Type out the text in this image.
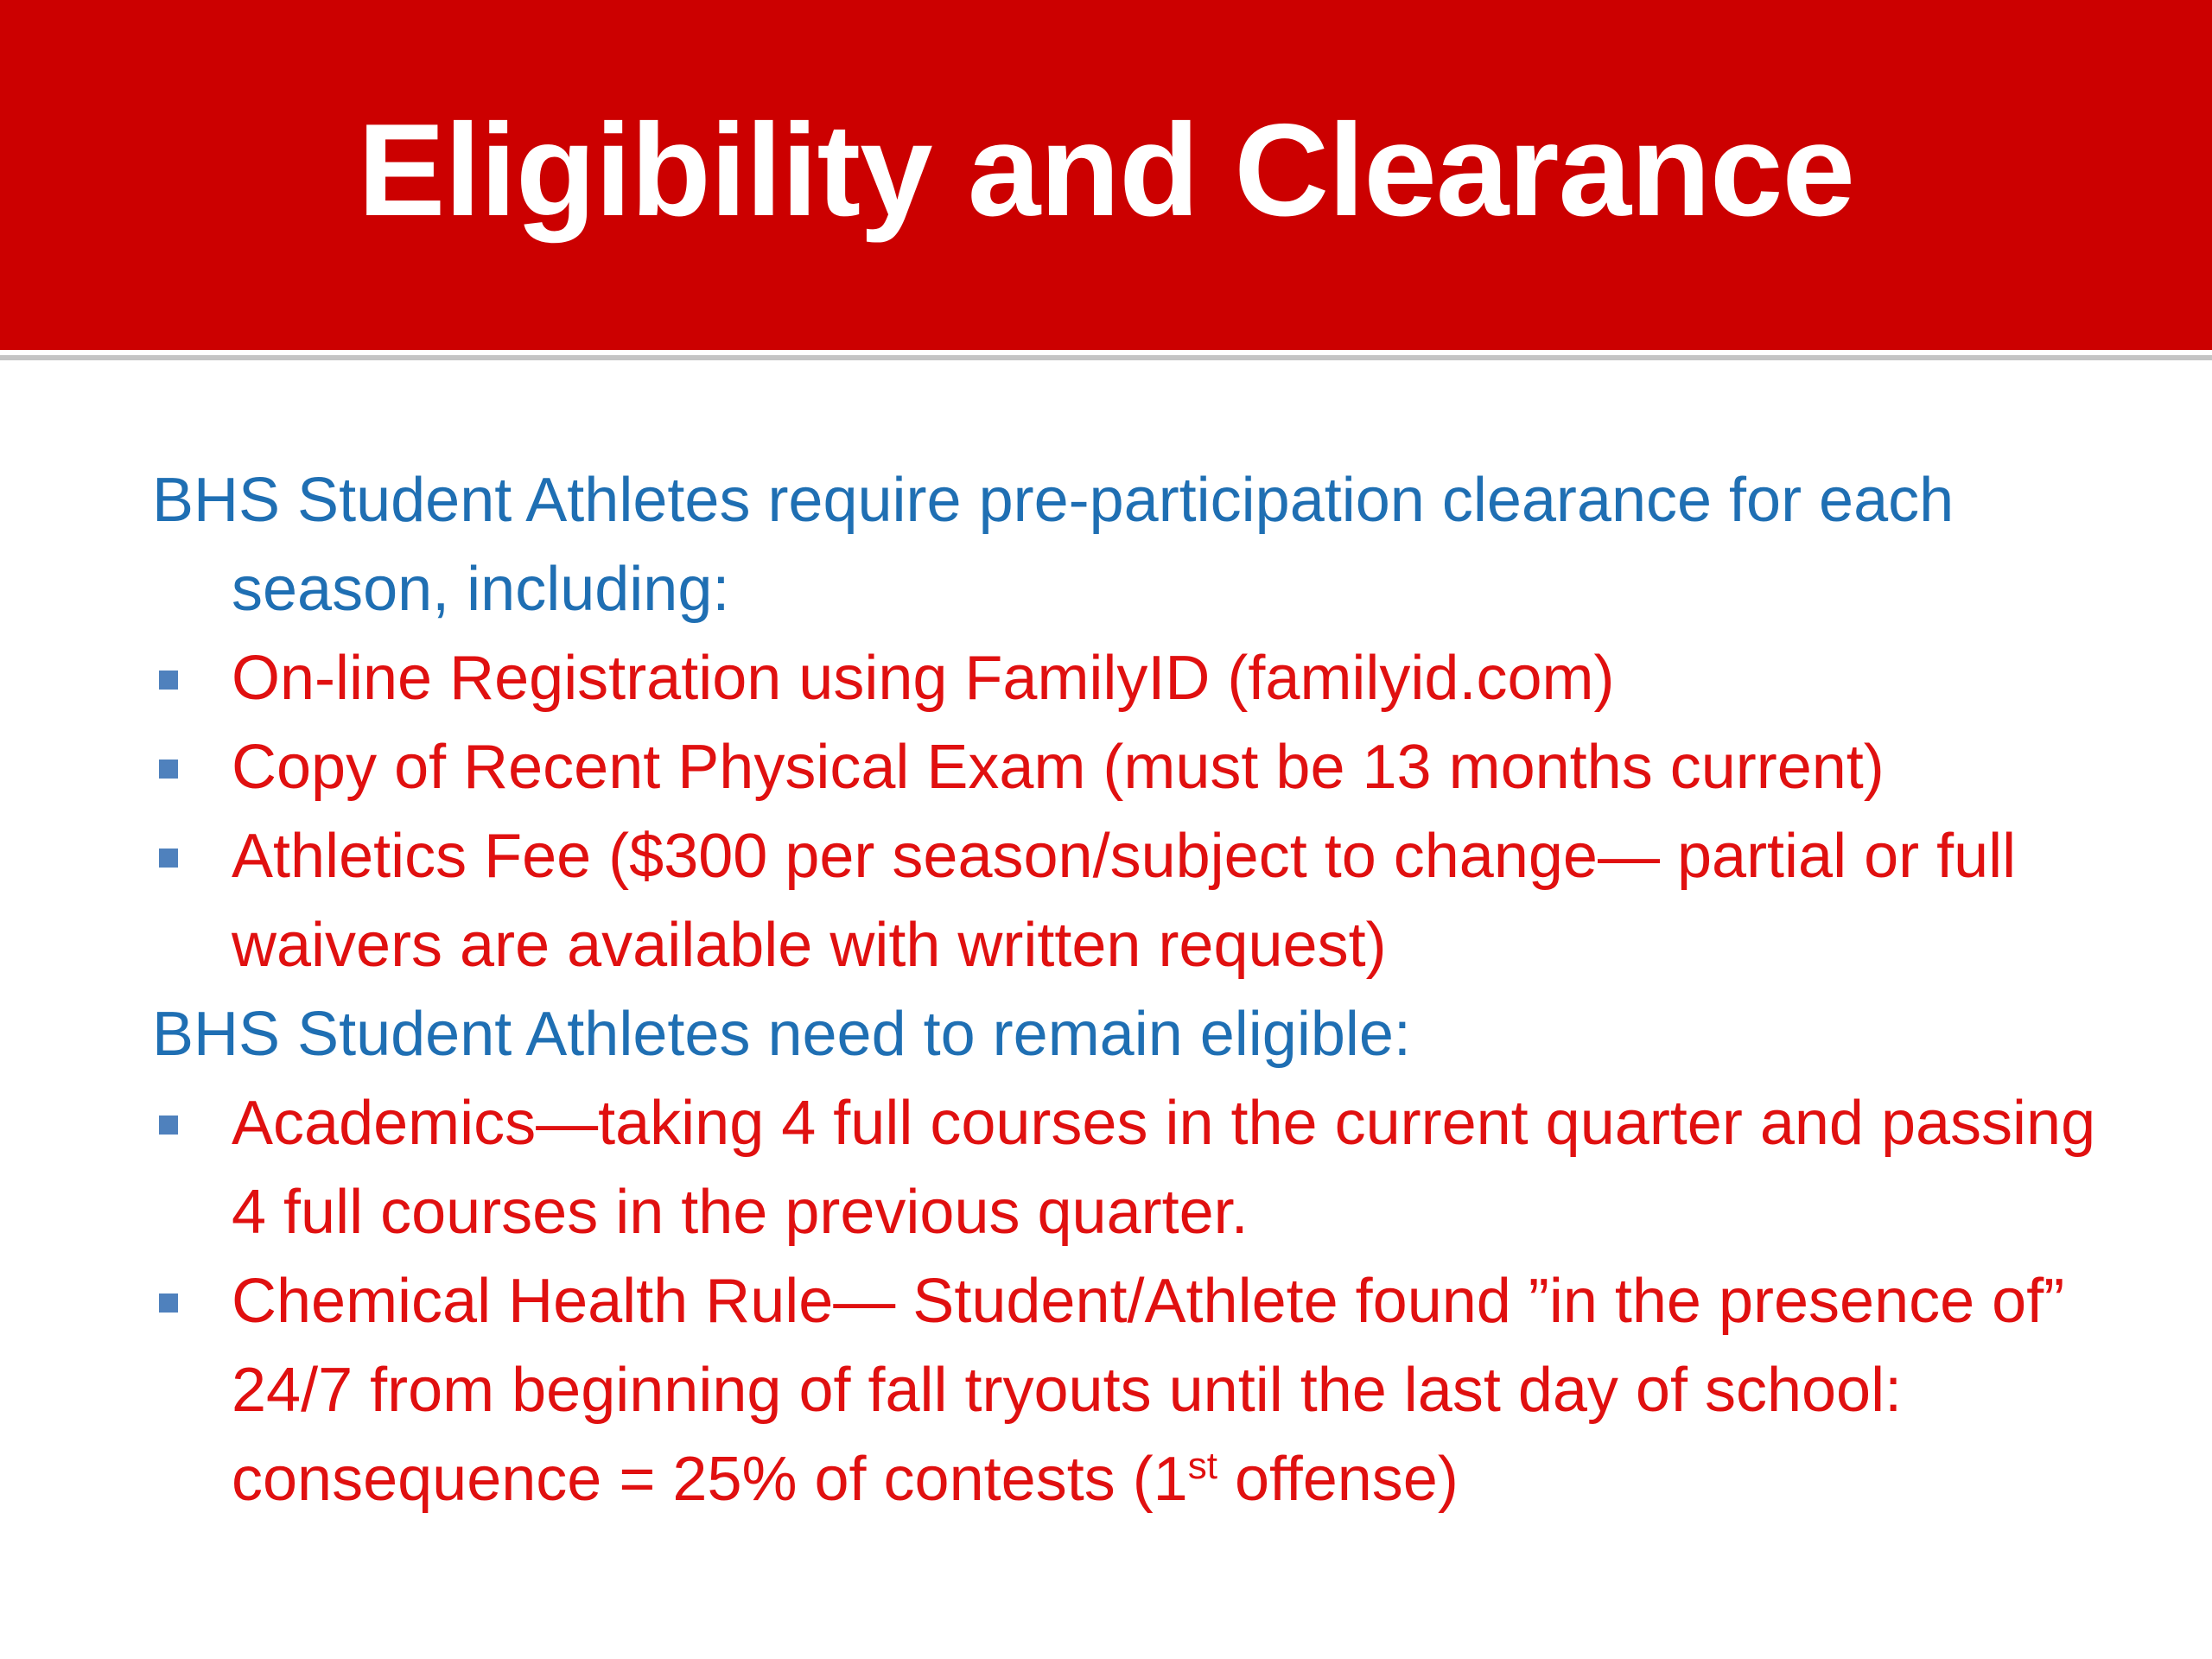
Eligibility and Clearance

BHS Student Athletes require pre-participation clearance for each season, including:

On-line Registration using FamilyID (familyid.com)
Copy of Recent Physical Exam (must be 13 months current)
Athletics Fee ($300 per season/subject to change— partial or full waivers are available with written request)

BHS Student Athletes need to remain eligible:

Academics—taking 4 full courses in the current quarter and passing 4 full courses in the previous quarter.
Chemical Health Rule— Student/Athlete found ”in the presence of” 24/7 from beginning of fall tryouts until the last day of school: consequence = 25% of contests (1st offense)
